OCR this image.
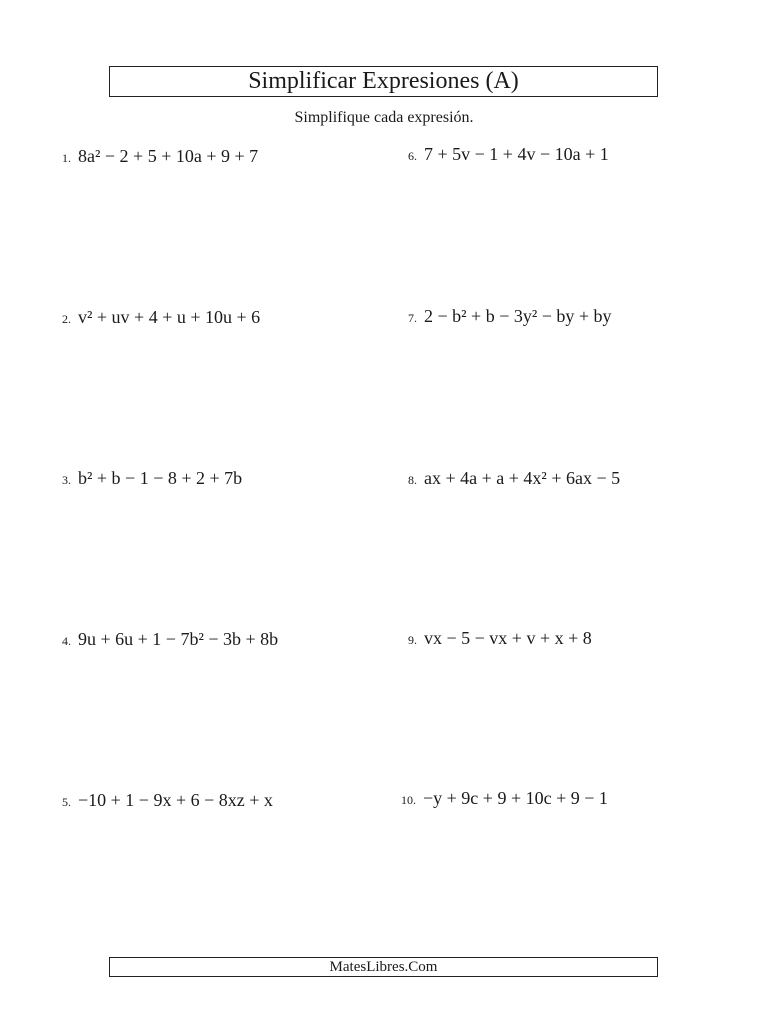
Simplificar Expresiones (A)
Simplifique cada expresión.
1. 8a² − 2 + 5 + 10a + 9 + 7
2. v² + uv + 4 + u + 10u + 6
3. b² + b − 1 − 8 + 2 + 7b
4. 9u + 6u + 1 − 7b² − 3b + 8b
5. −10 + 1 − 9x + 6 − 8xz + x
6. 7 + 5v − 1 + 4v − 10a + 1
7. 2 − b² + b − 3y² − by + by
8. ax + 4a + a + 4x² + 6ax − 5
9. vx − 5 − vx + v + x + 8
10. −y + 9c + 9 + 10c + 9 − 1
MatesLibres.Com
